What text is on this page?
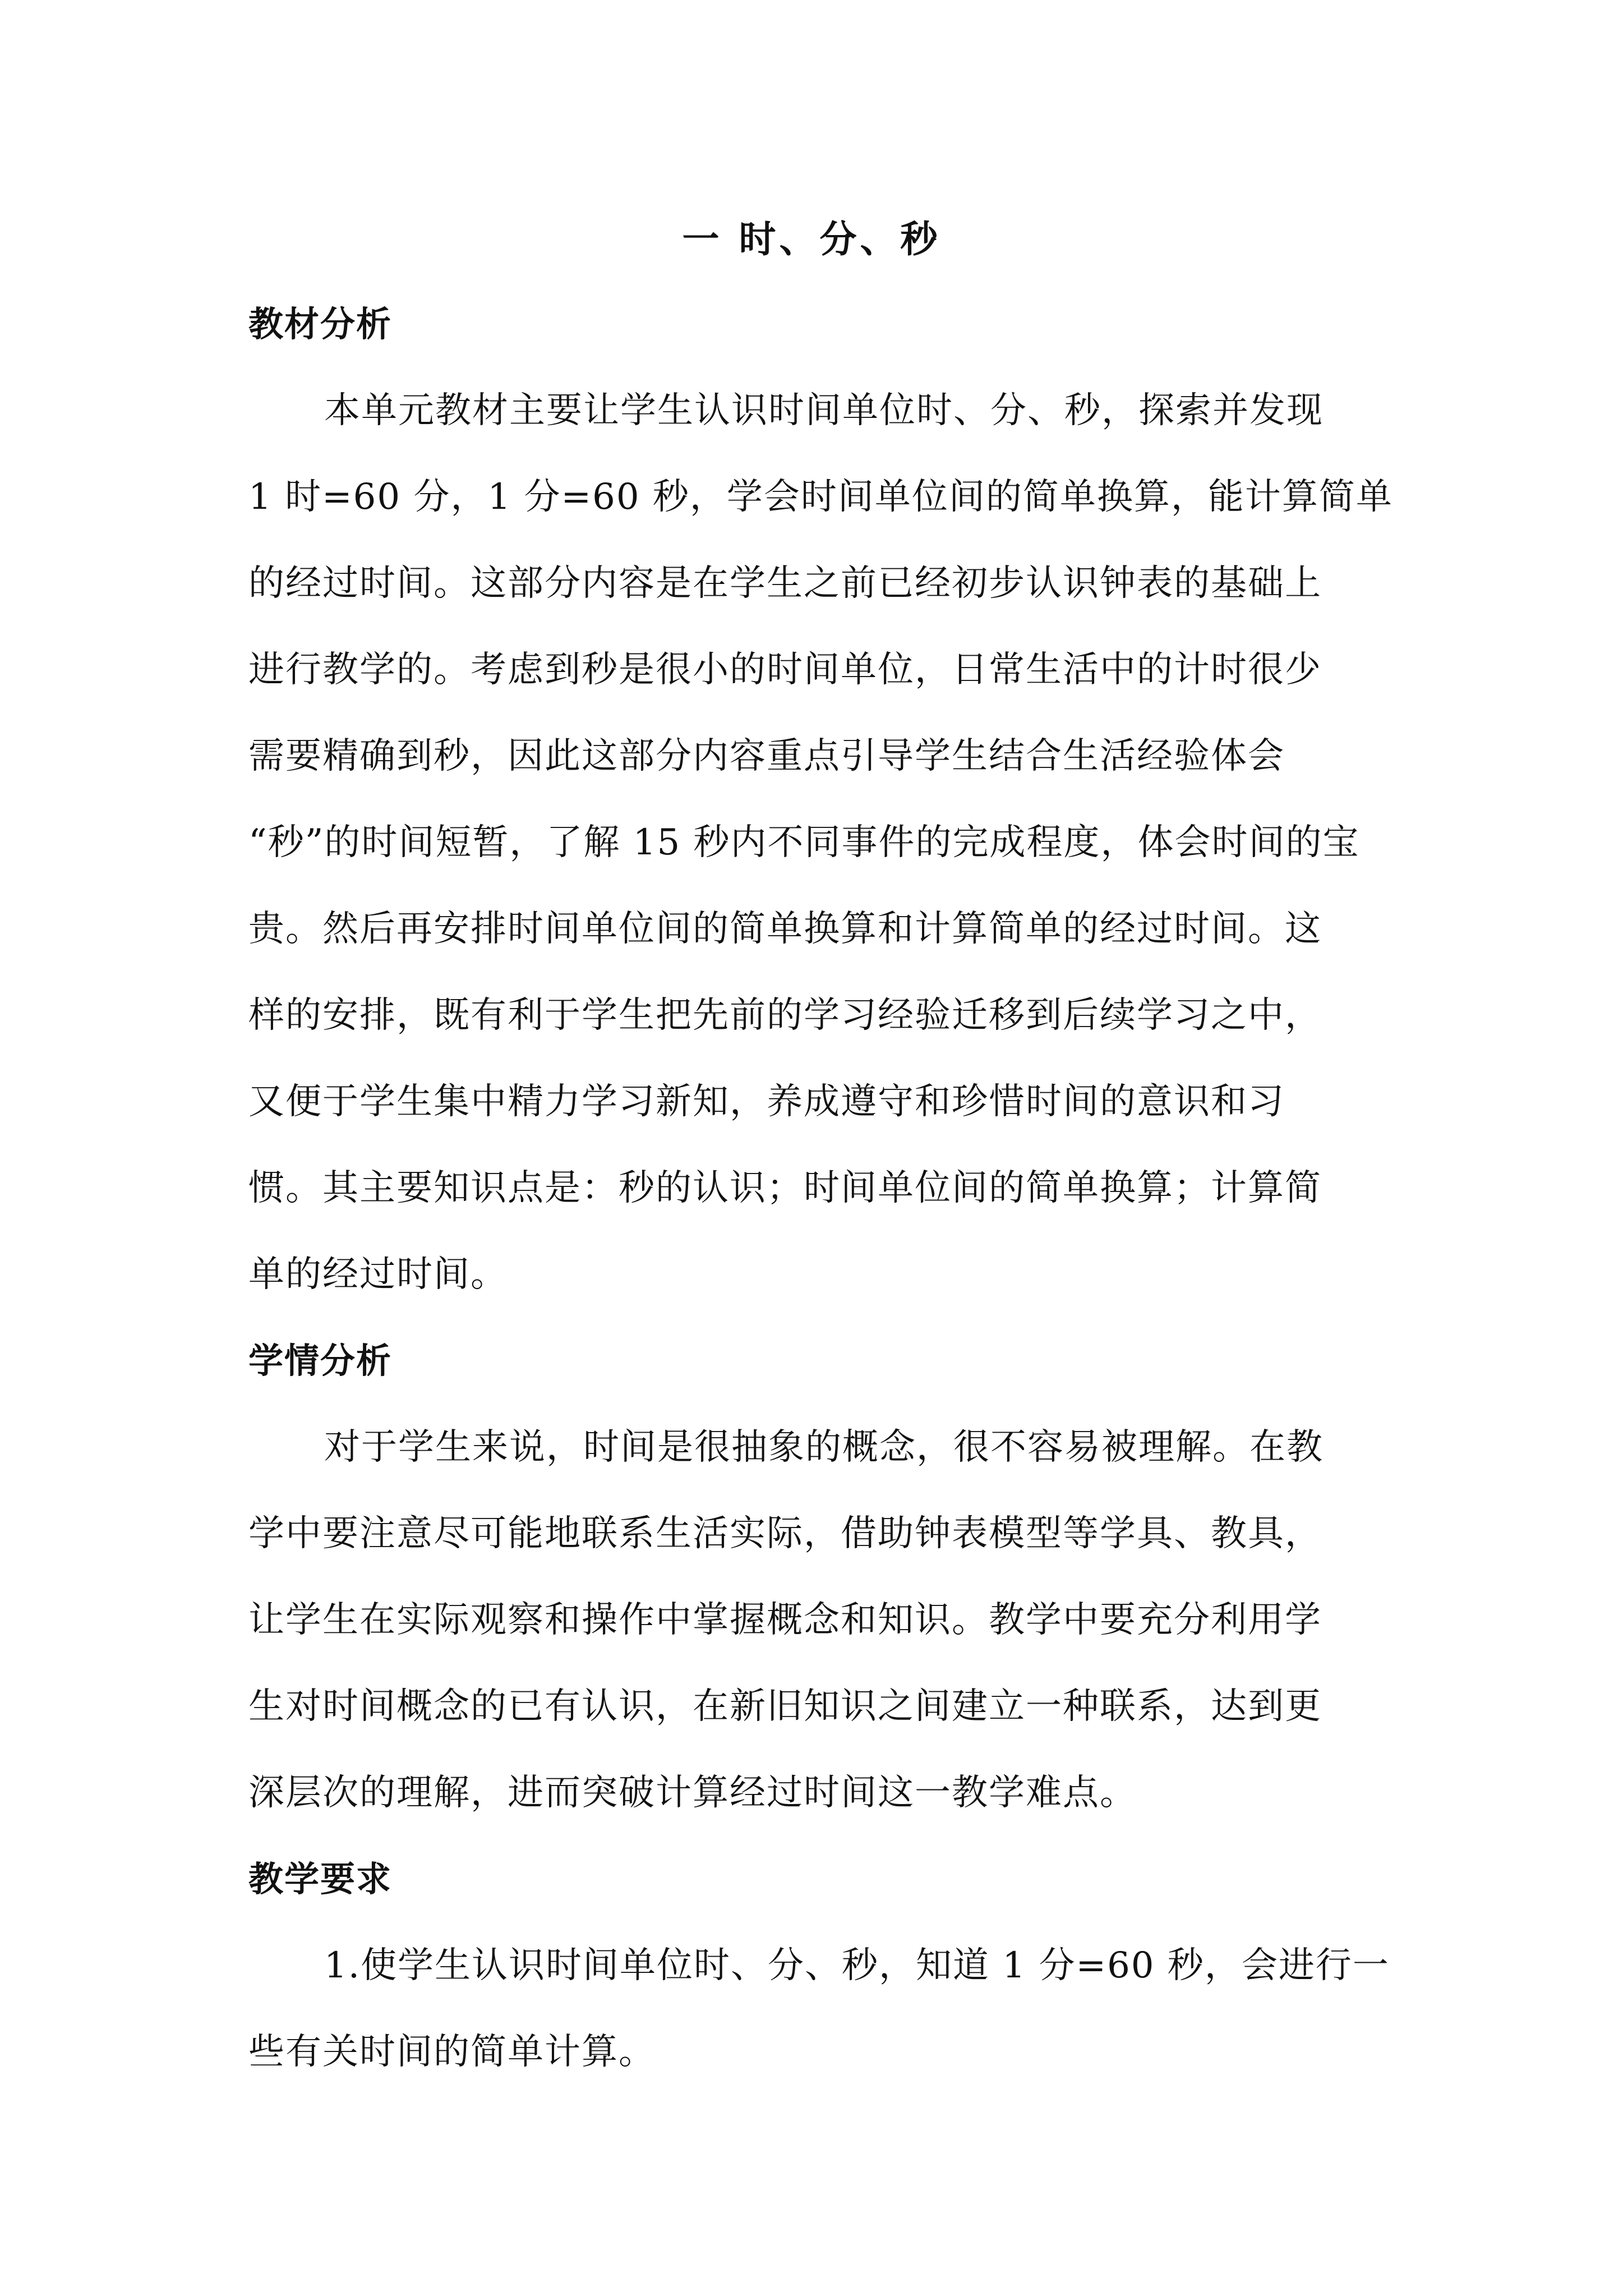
一 时、分、秒
教材分析
本单元教材主要让学生认识时间单位时、分、秒，探索并发现
1 时=60 分，1 分=60 秒，学会时间单位间的简单换算，能计算简单
的经过时间。这部分内容是在学生之前已经初步认识钟表的基础上
进行教学的。考虑到秒是很小的时间单位，日常生活中的计时很少
需要精确到秒，因此这部分内容重点引导学生结合生活经验体会
“秒”的时间短暂，了解 15 秒内不同事件的完成程度，体会时间的宝
贵。然后再安排时间单位间的简单换算和计算简单的经过时间。这
样的安排，既有利于学生把先前的学习经验迁移到后续学习之中，
又便于学生集中精力学习新知，养成遵守和珍惜时间的意识和习
惯。其主要知识点是：秒的认识；时间单位间的简单换算；计算简
单的经过时间。
学情分析
对于学生来说，时间是很抽象的概念，很不容易被理解。在教
学中要注意尽可能地联系生活实际，借助钟表模型等学具、教具，
让学生在实际观察和操作中掌握概念和知识。教学中要充分利用学
生对时间概念的已有认识，在新旧知识之间建立一种联系，达到更
深层次的理解，进而突破计算经过时间这一教学难点。
教学要求
1.使学生认识时间单位时、分、秒，知道 1 分=60 秒，会进行一
些有关时间的简单计算。
